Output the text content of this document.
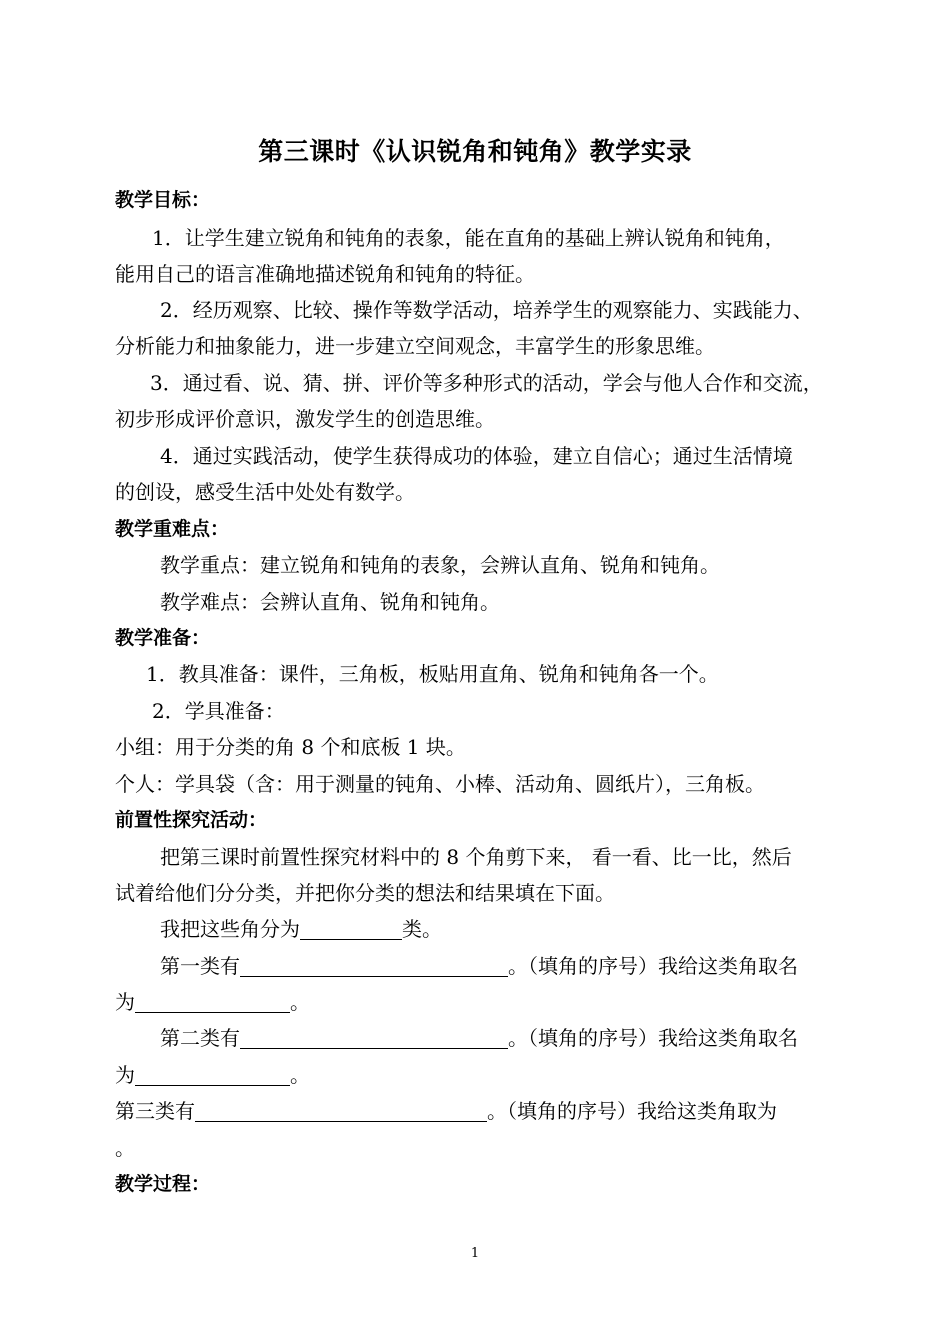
第三课时《认识锐角和钝角》教学实录
教学目标：
1．让学生建立锐角和钝角的表象，能在直角的基础上辨认锐角和钝角，
能用自己的语言准确地描述锐角和钝角的特征。
2．经历观察、比较、操作等数学活动，培养学生的观察能力、实践能力、
分析能力和抽象能力，进一步建立空间观念，丰富学生的形象思维。
3．通过看、说、猜、拼、评价等多种形式的活动，学会与他人合作和交流，
初步形成评价意识，激发学生的创造思维。
4．通过实践活动，使学生获得成功的体验，建立自信心；通过生活情境
的创设，感受生活中处处有数学。
教学重难点：
教学重点：建立锐角和钝角的表象，会辨认直角、锐角和钝角。
教学难点：会辨认直角、锐角和钝角。
教学准备：
1．教具准备：课件，三角板，板贴用直角、锐角和钝角各一个。
2．学具准备：
小组：用于分类的角 8 个和底板 1 块。
个人：学具袋（含：用于测量的钝角、小棒、活动角、圆纸片），三角板。
前置性探究活动：
把第三课时前置性探究材料中的 8 个角剪下来， 看一看、比一比，然后
试着给他们分分类，并把你分类的想法和结果填在下面。
我把这些角分为	类。
第一类有	。（填角的序号）我给这类角取名
为	。
第二类有	。（填角的序号）我给这类角取名
为	。
第三类有	。（填角的序号）我给这类角取为
。
教学过程：
1
